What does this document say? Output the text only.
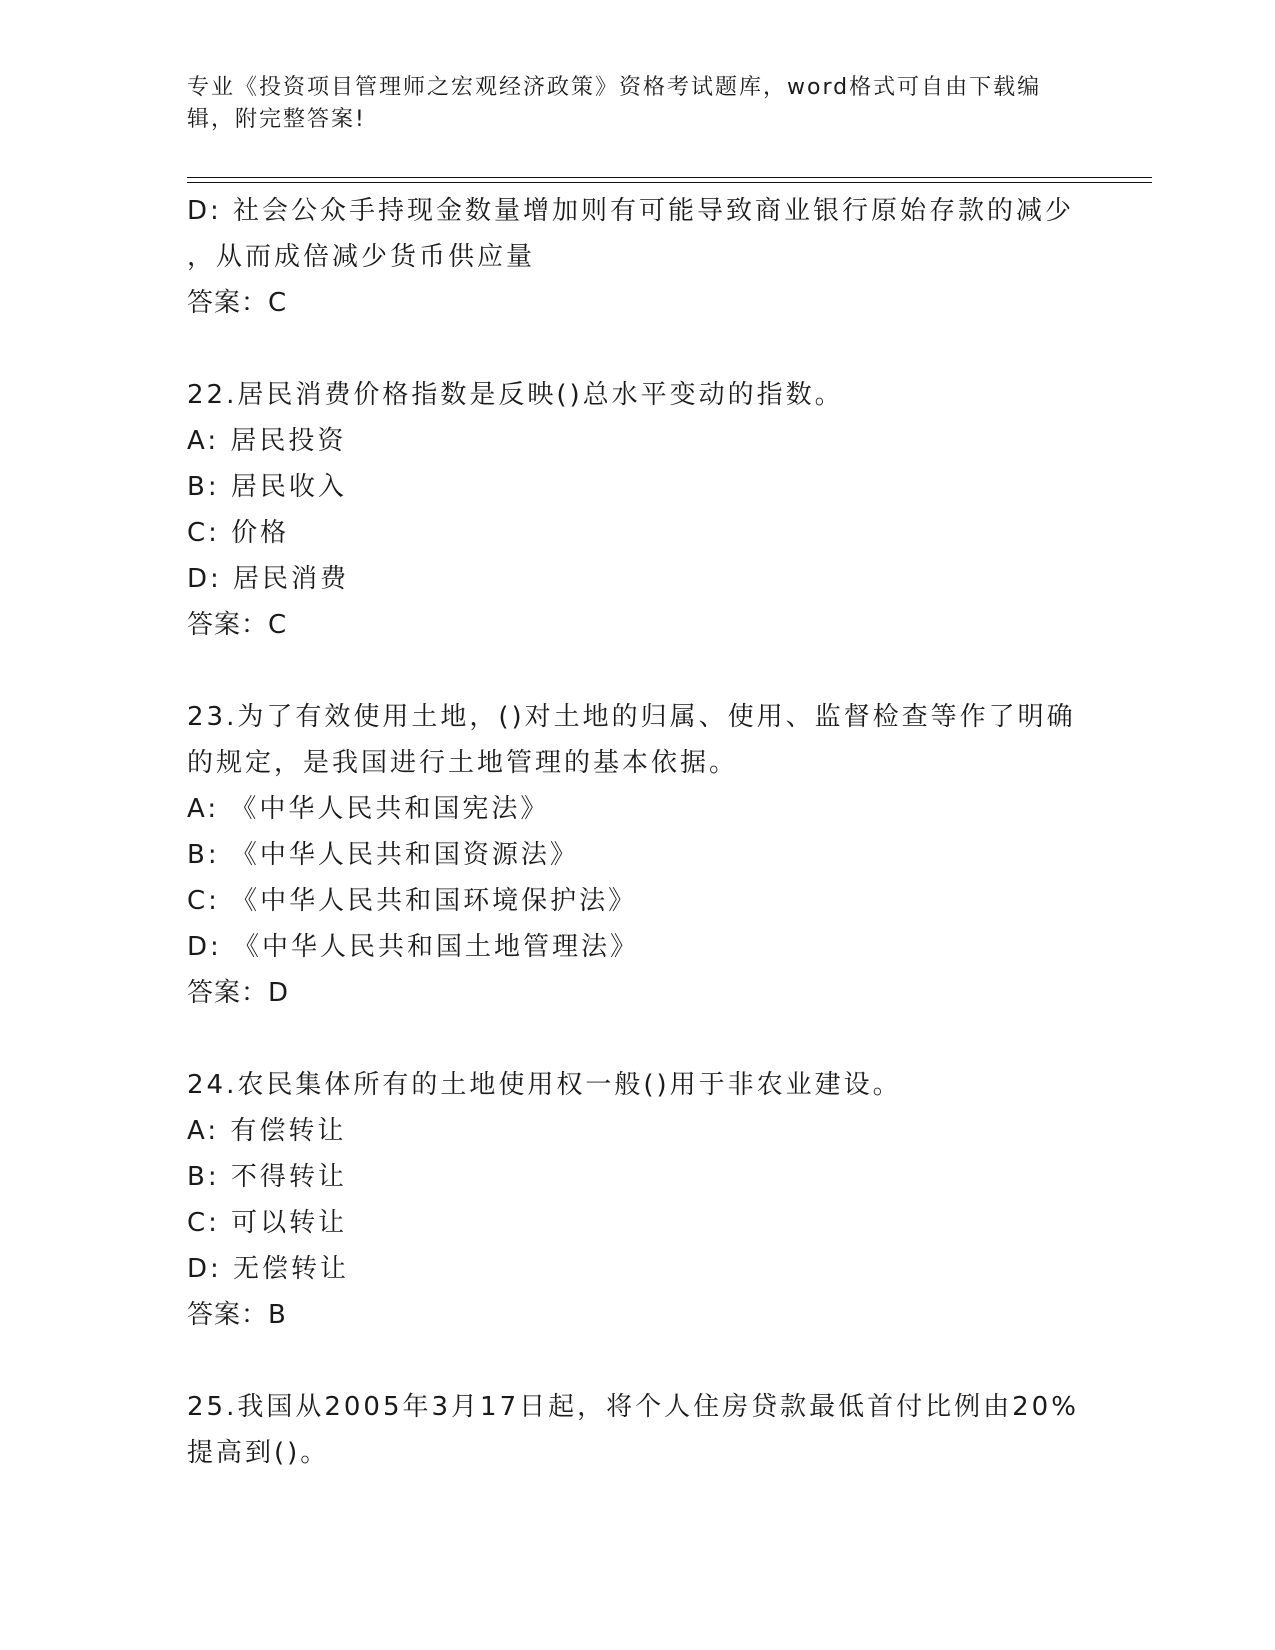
专业《投资项目管理师之宏观经济政策》资格考试题库，word格式可自由下载编
辑，附完整答案!
D: 社会公众手持现金数量增加则有可能导致商业银行原始存款的减少
，从而成倍减少货币供应量
答案：C
22.居民消费价格指数是反映()总水平变动的指数。
A: 居民投资
B: 居民收入
C: 价格
D: 居民消费
答案：C
23.为了有效使用土地，()对土地的归属、使用、监督检查等作了明确
的规定，是我国进行土地管理的基本依据。
A: 《中华人民共和国宪法》
B: 《中华人民共和国资源法》
C: 《中华人民共和国环境保护法》
D: 《中华人民共和国土地管理法》
答案：D
24.农民集体所有的土地使用权一般()用于非农业建设。
A: 有偿转让
B: 不得转让
C: 可以转让
D: 无偿转让
答案：B
25.我国从2005年3月17日起，将个人住房贷款最低首付比例由20%
提高到()。
